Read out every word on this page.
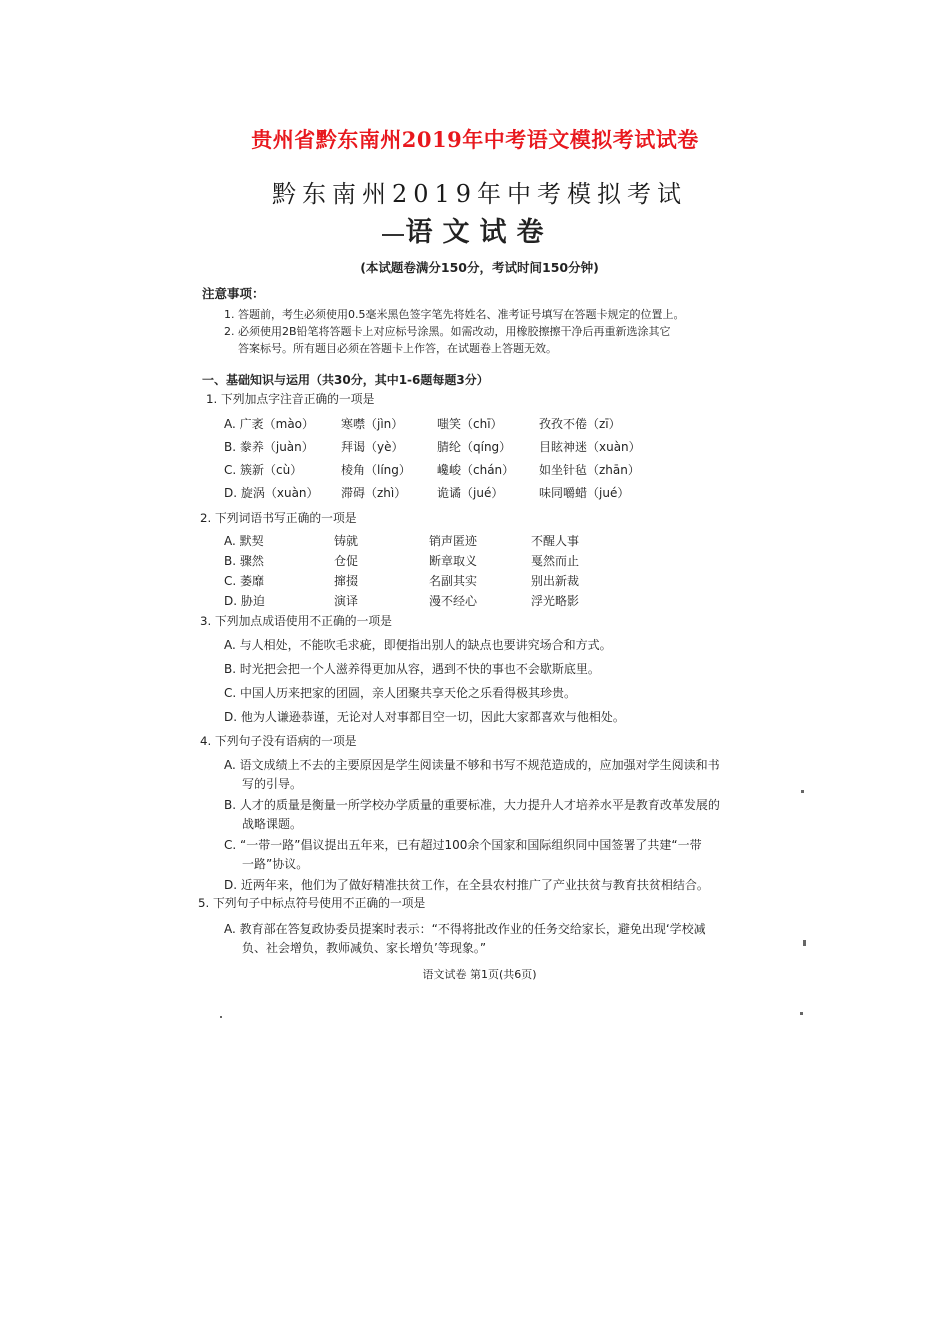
贵州省黔东南州2019年中考语文模拟考试试卷
黔东南州2019年中考模拟考试
语文试卷
(本试题卷满分150分，考试时间150分钟)
注意事项：
1. 答题前，考生必须使用0.5毫米黑色签字笔先将姓名、准考证号填写在答题卡规定的位置上。
2. 必须使用2B铅笔将答题卡上对应标号涂黑。如需改动，用橡胶擦擦干净后再重新选涂其它
答案标号。所有题目必须在答题卡上作答，在试题卷上答题无效。
一、基础知识与运用（共30分，其中1-6题每题3分）
1. 下列加点字注音正确的一项是
A. 广袤（mào） 寒噤（jìn）	嗤笑（chī）	孜孜不倦（zī）
B. 豢养（juàn） 拜谒（yè）	腈纶（qíng） 目眩神迷（xuàn）
C. 簇新（cù）	棱角（líng） 巉峻（chán） 如坐针毡（zhān）
D. 旋涡（xuàn） 滞碍（zhì）	诡谲（jué）	味同嚼蜡（jué）
2. 下列词语书写正确的一项是
A. 默契	铸就	销声匿迹	不醒人事
B. 骤然	仓促	断章取义	戛然而止
C. 萎靡	撺掇	名副其实	别出新裁
D. 胁迫	演译	漫不经心	浮光略影
3. 下列加点成语使用不正确的一项是
A. 与人相处，不能吹毛求疵，即便指出别人的缺点也要讲究场合和方式。
B. 时光把会把一个人滋养得更加从容，遇到不快的事也不会歇斯底里。
C. 中国人历来把家的团圆，亲人团聚共享天伦之乐看得极其珍贵。
D. 他为人谦逊恭谨，无论对人对事都目空一切，因此大家都喜欢与他相处。
4. 下列句子没有语病的一项是
A. 语文成绩上不去的主要原因是学生阅读量不够和书写不规范造成的，应加强对学生阅读和书
写的引导。
B. 人才的质量是衡量一所学校办学质量的重要标准，大力提升人才培养水平是教育改革发展的
战略课题。
C. “一带一路”倡议提出五年来，已有超过100余个国家和国际组织同中国签署了共建“一带
一路”协议。
D. 近两年来，他们为了做好精准扶贫工作，在全县农村推广了产业扶贫与教育扶贫相结合。
5. 下列句子中标点符号使用不正确的一项是
A. 教育部在答复政协委员提案时表示：“不得将批改作业的任务交给家长，避免出现‘学校减
负、社会增负，教师减负、家长增负’等现象。”
语文试卷 第1页(共6页)
